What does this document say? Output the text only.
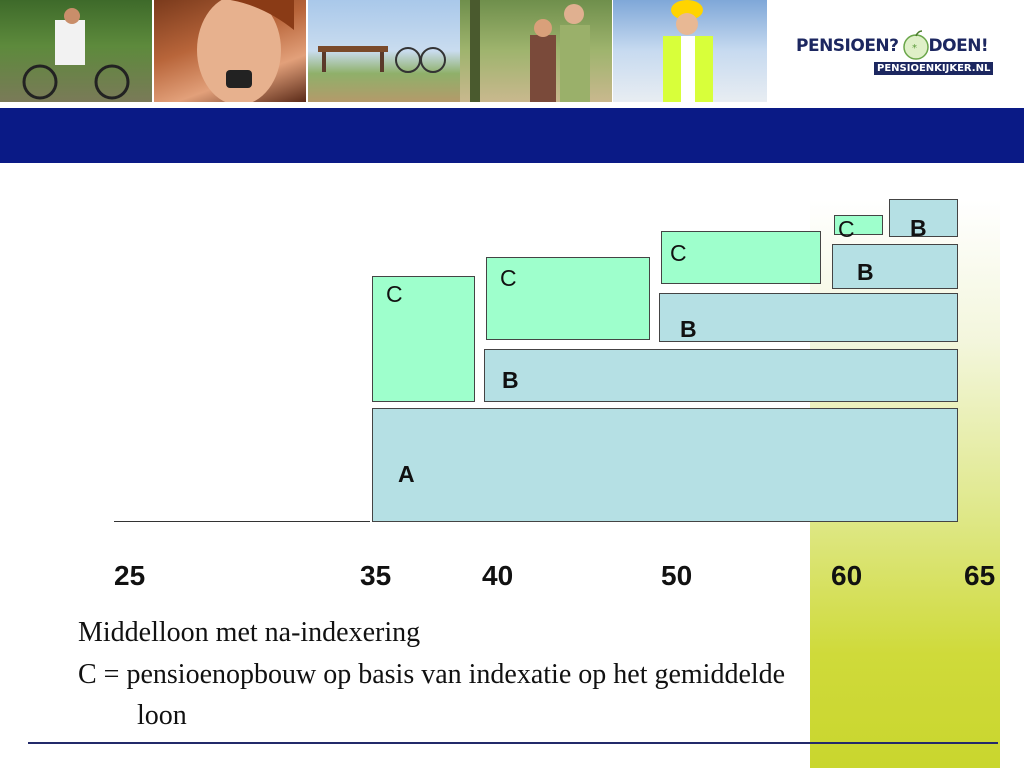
PENSIOEN? DOEN!
*
PENSIOENKIJKER.NL
A
C
B
C
B
C
B
C B
25	35	40	50	60	65
Middelloon met na-indexering
C = pensioenopbouw op basis van indexatie op het gemiddelde
loon
